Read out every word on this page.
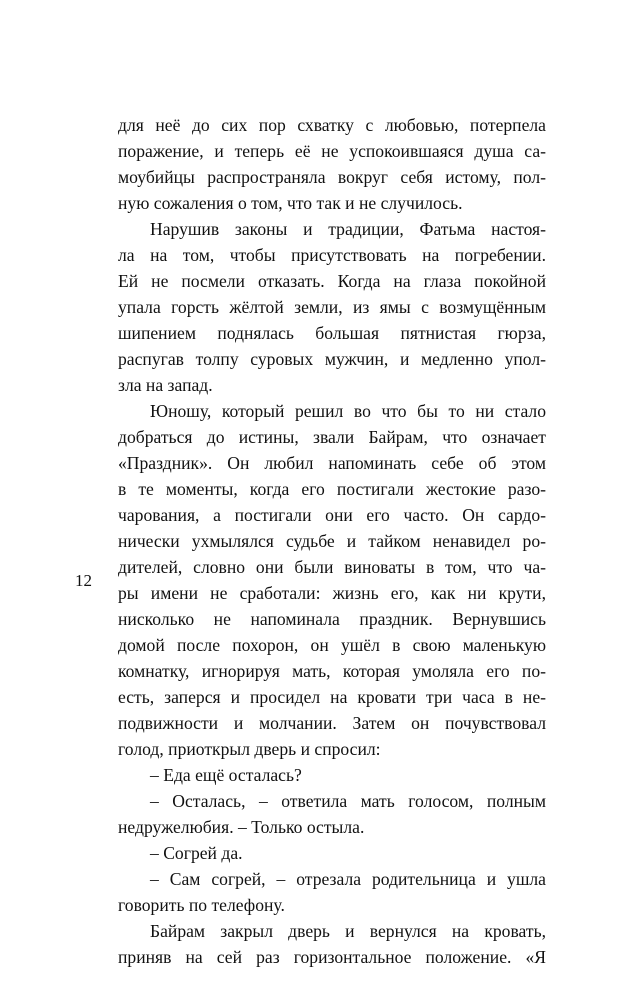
12
для неё до сих пор схватку с любовью, потерпела
поражение, и теперь её не успокоившаяся душа са-
моубийцы распространяла вокруг себя истому, пол-
ную сожаления о том, что так и не случилось.
Нарушив законы и традиции, Фатьма настоя-
ла на том, чтобы присутствовать на погребении.
Ей не посмели отказать. Когда на глаза покойной
упала горсть жёлтой земли, из ямы с возмущённым
шипением поднялась большая пятнистая гюрза,
распугав толпу суровых мужчин, и медленно упол-
зла на запад.
Юношу, который решил во что бы то ни стало
добраться до истины, звали Байрам, что означает
«Праздник». Он любил напоминать себе об этом
в те моменты, когда его постигали жестокие разо-
чарования, а постигали они его часто. Он сардо-
нически ухмылялся судьбе и тайком ненавидел ро-
дителей, словно они были виноваты в том, что ча-
ры имени не сработали: жизнь его, как ни крути,
нисколько не напоминала праздник. Вернувшись
домой после похорон, он ушёл в свою маленькую
комнатку, игнорируя мать, которая умоляла его по-
есть, заперся и просидел на кровати три часа в не-
подвижности и молчании. Затем он почувствовал
голод, приоткрыл дверь и спросил:
– Еда ещё осталась?
– Осталась, – ответила мать голосом, полным
недружелюбия. – Только остыла.
– Согрей да.
– Сам согрей, – отрезала родительница и ушла
говорить по телефону.
Байрам закрыл дверь и вернулся на кровать,
приняв на сей раз горизонтальное положение. «Я
